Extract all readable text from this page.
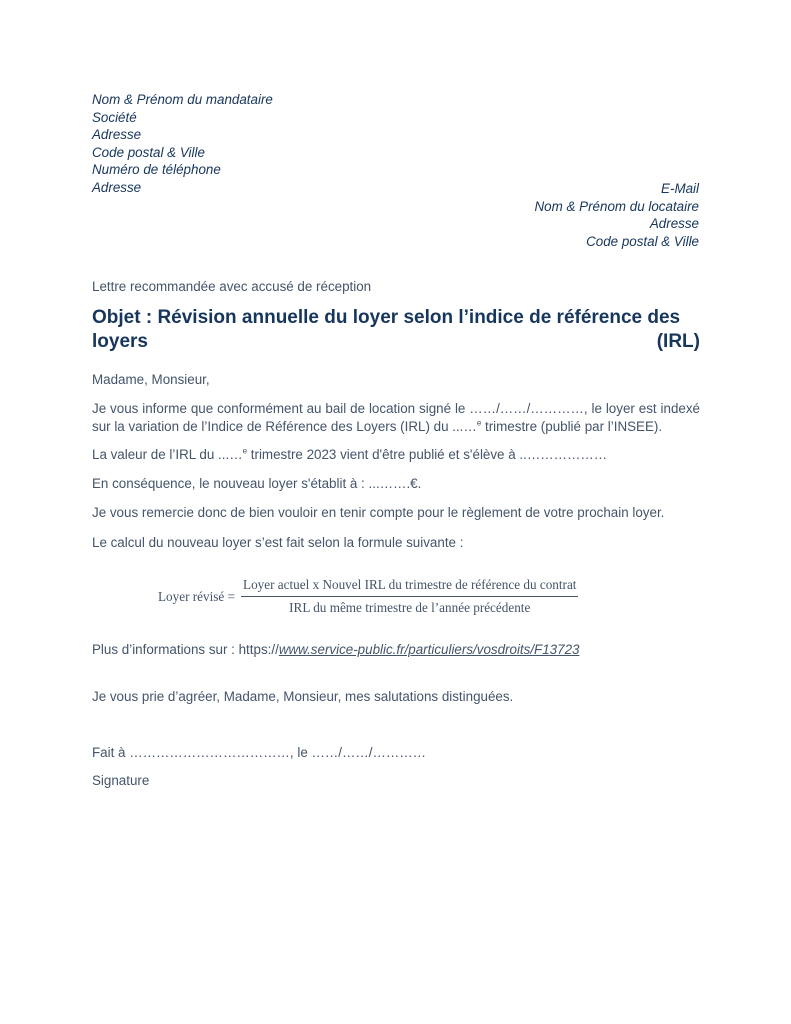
Nom & Prénom du mandataire
Société
Adresse
Code postal & Ville
Numéro de téléphone
Adresse	E-Mail
Nom & Prénom du locataire
Adresse
Code postal & Ville
Lettre recommandée avec accusé de réception
Objet : Révision annuelle du loyer selon l’indice de référence des
loyers	(IRL)

Madame, Monsieur,

Je vous informe que conformément au bail de location signé le ……/……/…………, le loyer est indexé sur la variation de l’Indice de Référence des Loyers (IRL) du ...…$^e$ trimestre (publié par l’INSEE).

La valeur de l’IRL du ...…$^e$ trimestre 2023 vient d'être publié et s'élève à ..………………

En conséquence, le nouveau loyer s'établit à : ...…….€.

Je vous remercie donc de bien vouloir en tenir compte pour le règlement de votre prochain loyer.

Le calcul du nouveau loyer s’est fait selon la formule suivante :

Loyer révisé =
Loyer actuel x Nouvel IRL du trimestre de référence du contrat
IRL du même trimestre de l’année précédente
Plus d’informations sur : https://www.service-public.fr/particuliers/vosdroits/F13723
Je vous prie d’agréer, Madame, Monsieur, mes salutations distinguées.
Fait à ………………………………, le ……/……/…………
Signature
